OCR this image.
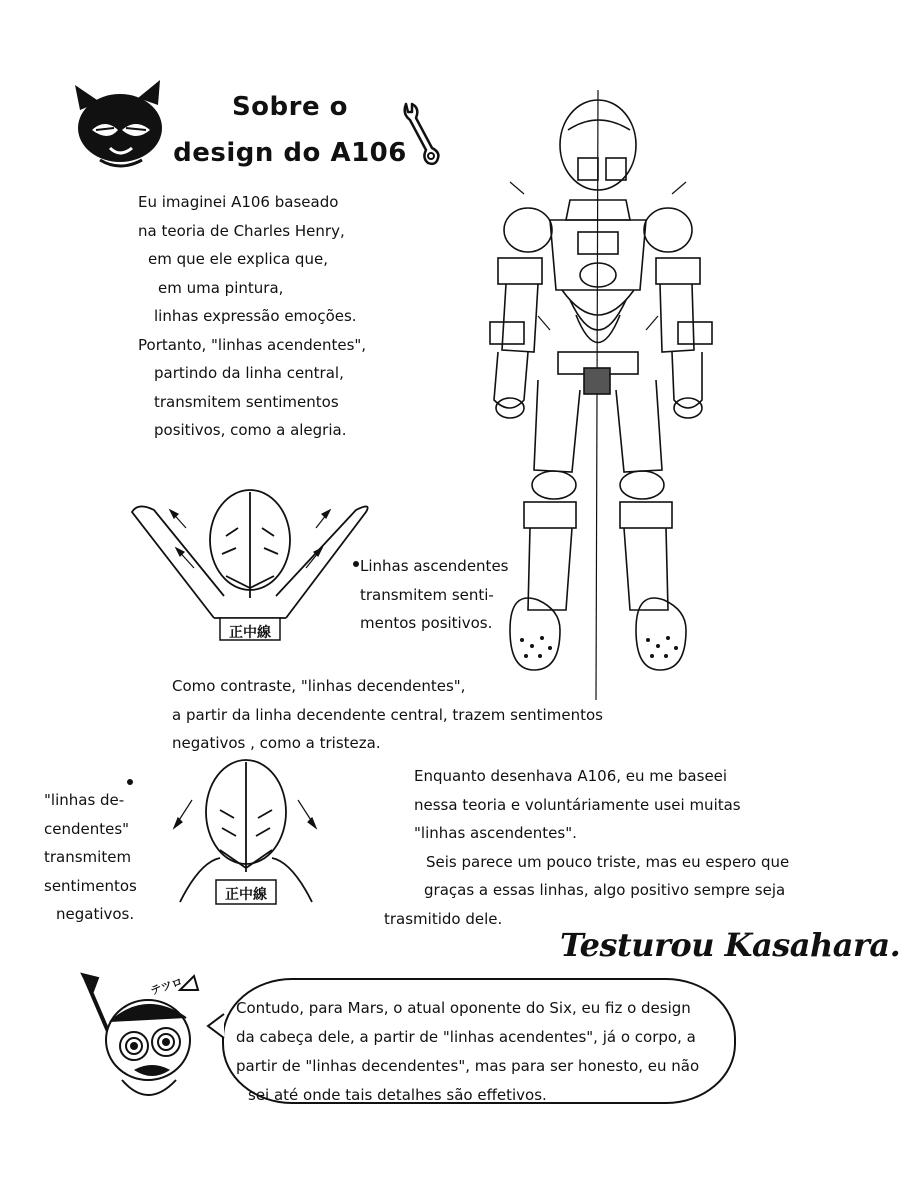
Sobre o
design do A106
Eu imaginei A106 baseado
na teoria de Charles Henry,
em que ele explica que,
em uma pintura,
linhas expressão emoções.
Portanto, "linhas acendentes",
partindo da linha central,
transmitem sentimentos
positivos, como a alegria.
正中線
Linhas ascendentes
transmitem senti-
mentos positivos.
Como contraste, "linhas decendentes",
a partir da linha decendente central, trazem sentimentos
negativos , como a tristeza.
正中線
"linhas de-
cendentes"
transmitem
sentimentos
negativos.
Enquanto desenhava A106, eu me baseei
nessa teoria e voluntáriamente usei muitas
"linhas ascendentes".
Seis parece um pouco triste, mas eu espero que
graças a essas linhas, algo positivo sempre seja
trasmitido dele.
Testurou Kasahara.
テツロ
Contudo, para Mars, o atual oponente do Six, eu fiz o design
da cabeça dele, a partir de "linhas acendentes", já o corpo, a
partir de "linhas decendentes", mas para ser honesto, eu não
sei até onde tais detalhes são effetivos.
